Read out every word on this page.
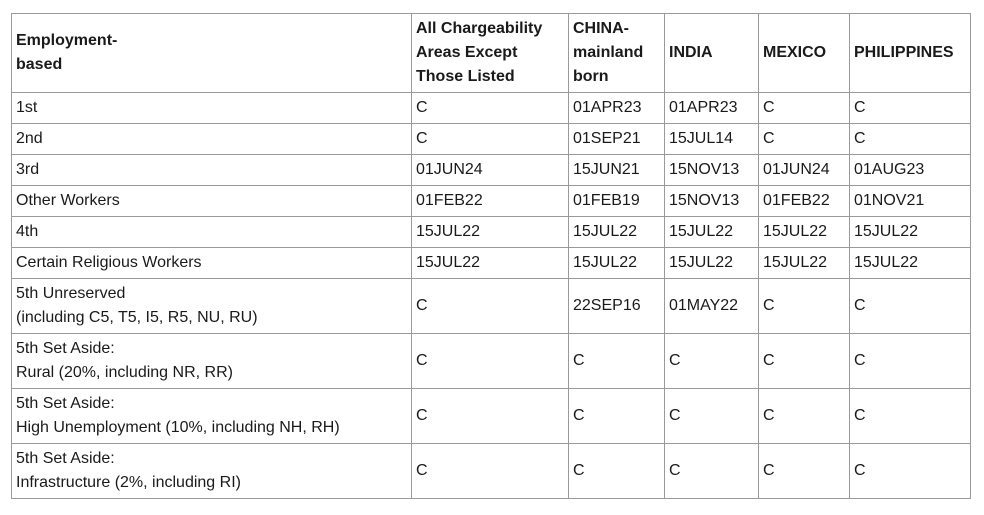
Employment-
based	All Chargeability
Areas Except
Those Listed	CHINA-
mainland
born	INDIA	MEXICO	PHILIPPINES

1st	C	01APR23	01APR23	C	C

2nd	C	01SEP21	15JUL14	C	C

3rd	01JUN24	15JUN21	15NOV13	01JUN24	01AUG23

Other Workers	01FEB22	01FEB19	15NOV13	01FEB22	01NOV21

4th	15JUL22	15JUL22	15JUL22	15JUL22	15JUL22

Certain Religious Workers	15JUL22	15JUL22	15JUL22	15JUL22	15JUL22

5th Unreserved
(including C5, T5, I5, R5, NU, RU)	C	22SEP16	01MAY22	C	C

5th Set Aside:
Rural (20%, including NR, RR)	C	C	C	C	C

5th Set Aside:
High Unemployment (10%, including NH, RH)	C	C	C	C	C

5th Set Aside:
Infrastructure (2%, including RI)	C	C	C	C	C
